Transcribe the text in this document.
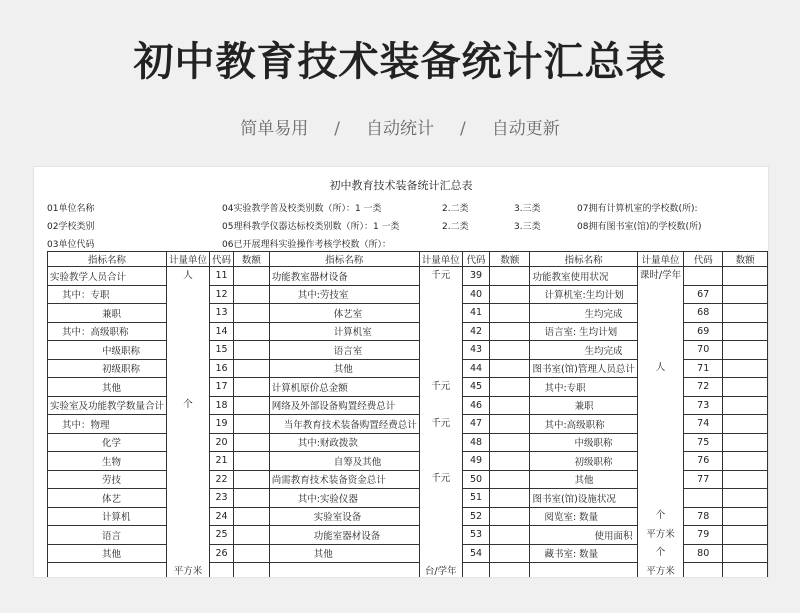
初中教育技术装备统计汇总表
简单易用 / 自动统计 / 自动更新
初中教育技术装备统计汇总表
01单位名称	04实验教学普及校类别数（所）：1 一类	2.二类	3.三类	07拥有计算机室的学校数(所):
02学校类别	05理科教学仪器达标校类别数（所）：1 一类	2.二类	3.三类	08拥有图书室(馆)的学校数(所)
03单位代码	06已开展理科实验操作考核学校数（所）：
指标名称	计量单位	代码	数额	指标名称	计量单位	代码	数额	指标名称	计量单位	代码	数额
实验教学人员合计	人	11		功能教室器材设备	千元	39		功能教室使用状况	课时/学年		
其中：专职		12		其中:劳技室		40		计算机室:生均计划		67	
兼职		13		体艺室		41		生均完成		68	
其中：高级职称		14		计算机室		42		语言室: 生均计划		69	
中级职称		15		语言室		43		生均完成		70	
初级职称		16		其他		44		图书室(馆)管理人员总计	人	71	
其他		17		计算机原价总金额	千元	45		其中:专职		72	
实验室及功能教学数量合计	个	18		网络及外部设备购置经费总计		46		兼职		73	
其中：物理		19		当年教育技术装备购置经费总计	千元	47		其中:高级职称		74	
化学		20		其中:财政拨款		48		中级职称		75	
生物		21		自筹及其他		49		初级职称		76	
劳技		22		尚需教育技术装备资金总计	千元	50		其他		77	
体艺		23		其中:实验仪器		51		图书室(馆)设施状况			
计算机		24		实验室设备		52		阅览室: 数量	个	78	
语言		25		功能室器材设备		53		使用面积	平方米	79	
其他		26		其他		54		藏书室: 数量	个	80	
	平方米				台/学年				平方米		
